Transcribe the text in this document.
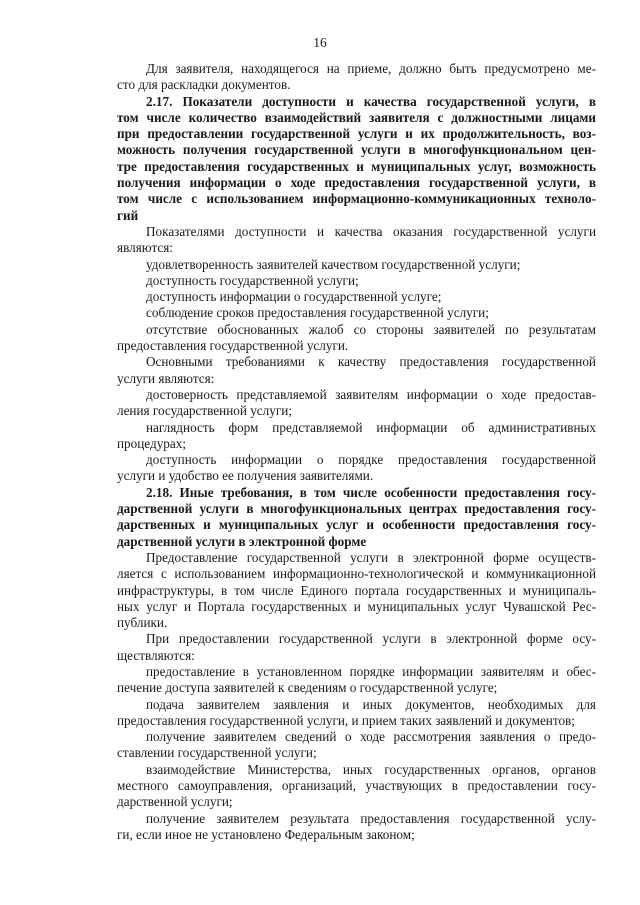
16
Для заявителя, находящегося на приеме, должно быть предусмотрено ме-
сто для раскладки документов.
2.17. Показатели доступности и качества государственной услуги, в
том числе количество взаимодействий заявителя с должностными лицами
при предоставлении государственной услуги и их продолжительность, воз-
можность получения государственной услуги в многофункциональном цен-
тре предоставления государственных и муниципальных услуг, возможность
получения информации о ходе предоставления государственной услуги, в
том числе с использованием информационно-коммуникационных техноло-
гий
Показателями доступности и качества оказания государственной услуги
являются:
удовлетворенность заявителей качеством государственной услуги;
доступность государственной услуги;
доступность информации о государственной услуге;
соблюдение сроков предоставления государственной услуги;
отсутствие обоснованных жалоб со стороны заявителей по результатам
предоставления государственной услуги.
Основными требованиями к качеству предоставления государственной
услуги являются:
достоверность представляемой заявителям информации о ходе предостав-
ления государственной услуги;
наглядность форм представляемой информации об административных
процедурах;
доступность информации о порядке предоставления государственной
услуги и удобство ее получения заявителями.
2.18. Иные требования, в том числе особенности предоставления госу-
дарственной услуги в многофункциональных центрах предоставления госу-
дарственных и муниципальных услуг и особенности предоставления госу-
дарственной услуги в электронной форме
Предоставление государственной услуги в электронной форме осуществ-
ляется с использованием информационно-технологической и коммуникационной
инфраструктуры, в том числе Единого портала государственных и муниципаль-
ных услуг и Портала государственных и муниципальных услуг Чувашской Рес-
публики.
При предоставлении государственной услуги в электронной форме осу-
ществляются:
предоставление в установленном порядке информации заявителям и обес-
печение доступа заявителей к сведениям о государственной услуге;
подача заявителем заявления и иных документов, необходимых для
предоставления государственной услуги, и прием таких заявлений и документов;
получение заявителем сведений о ходе рассмотрения заявления о предо-
ставлении государственной услуги;
взаимодействие Министерства, иных государственных органов, органов
местного самоуправления, организаций, участвующих в предоставлении госу-
дарственной услуги;
получение заявителем результата предоставления государственной услу-
ги, если иное не установлено Федеральным законом;
